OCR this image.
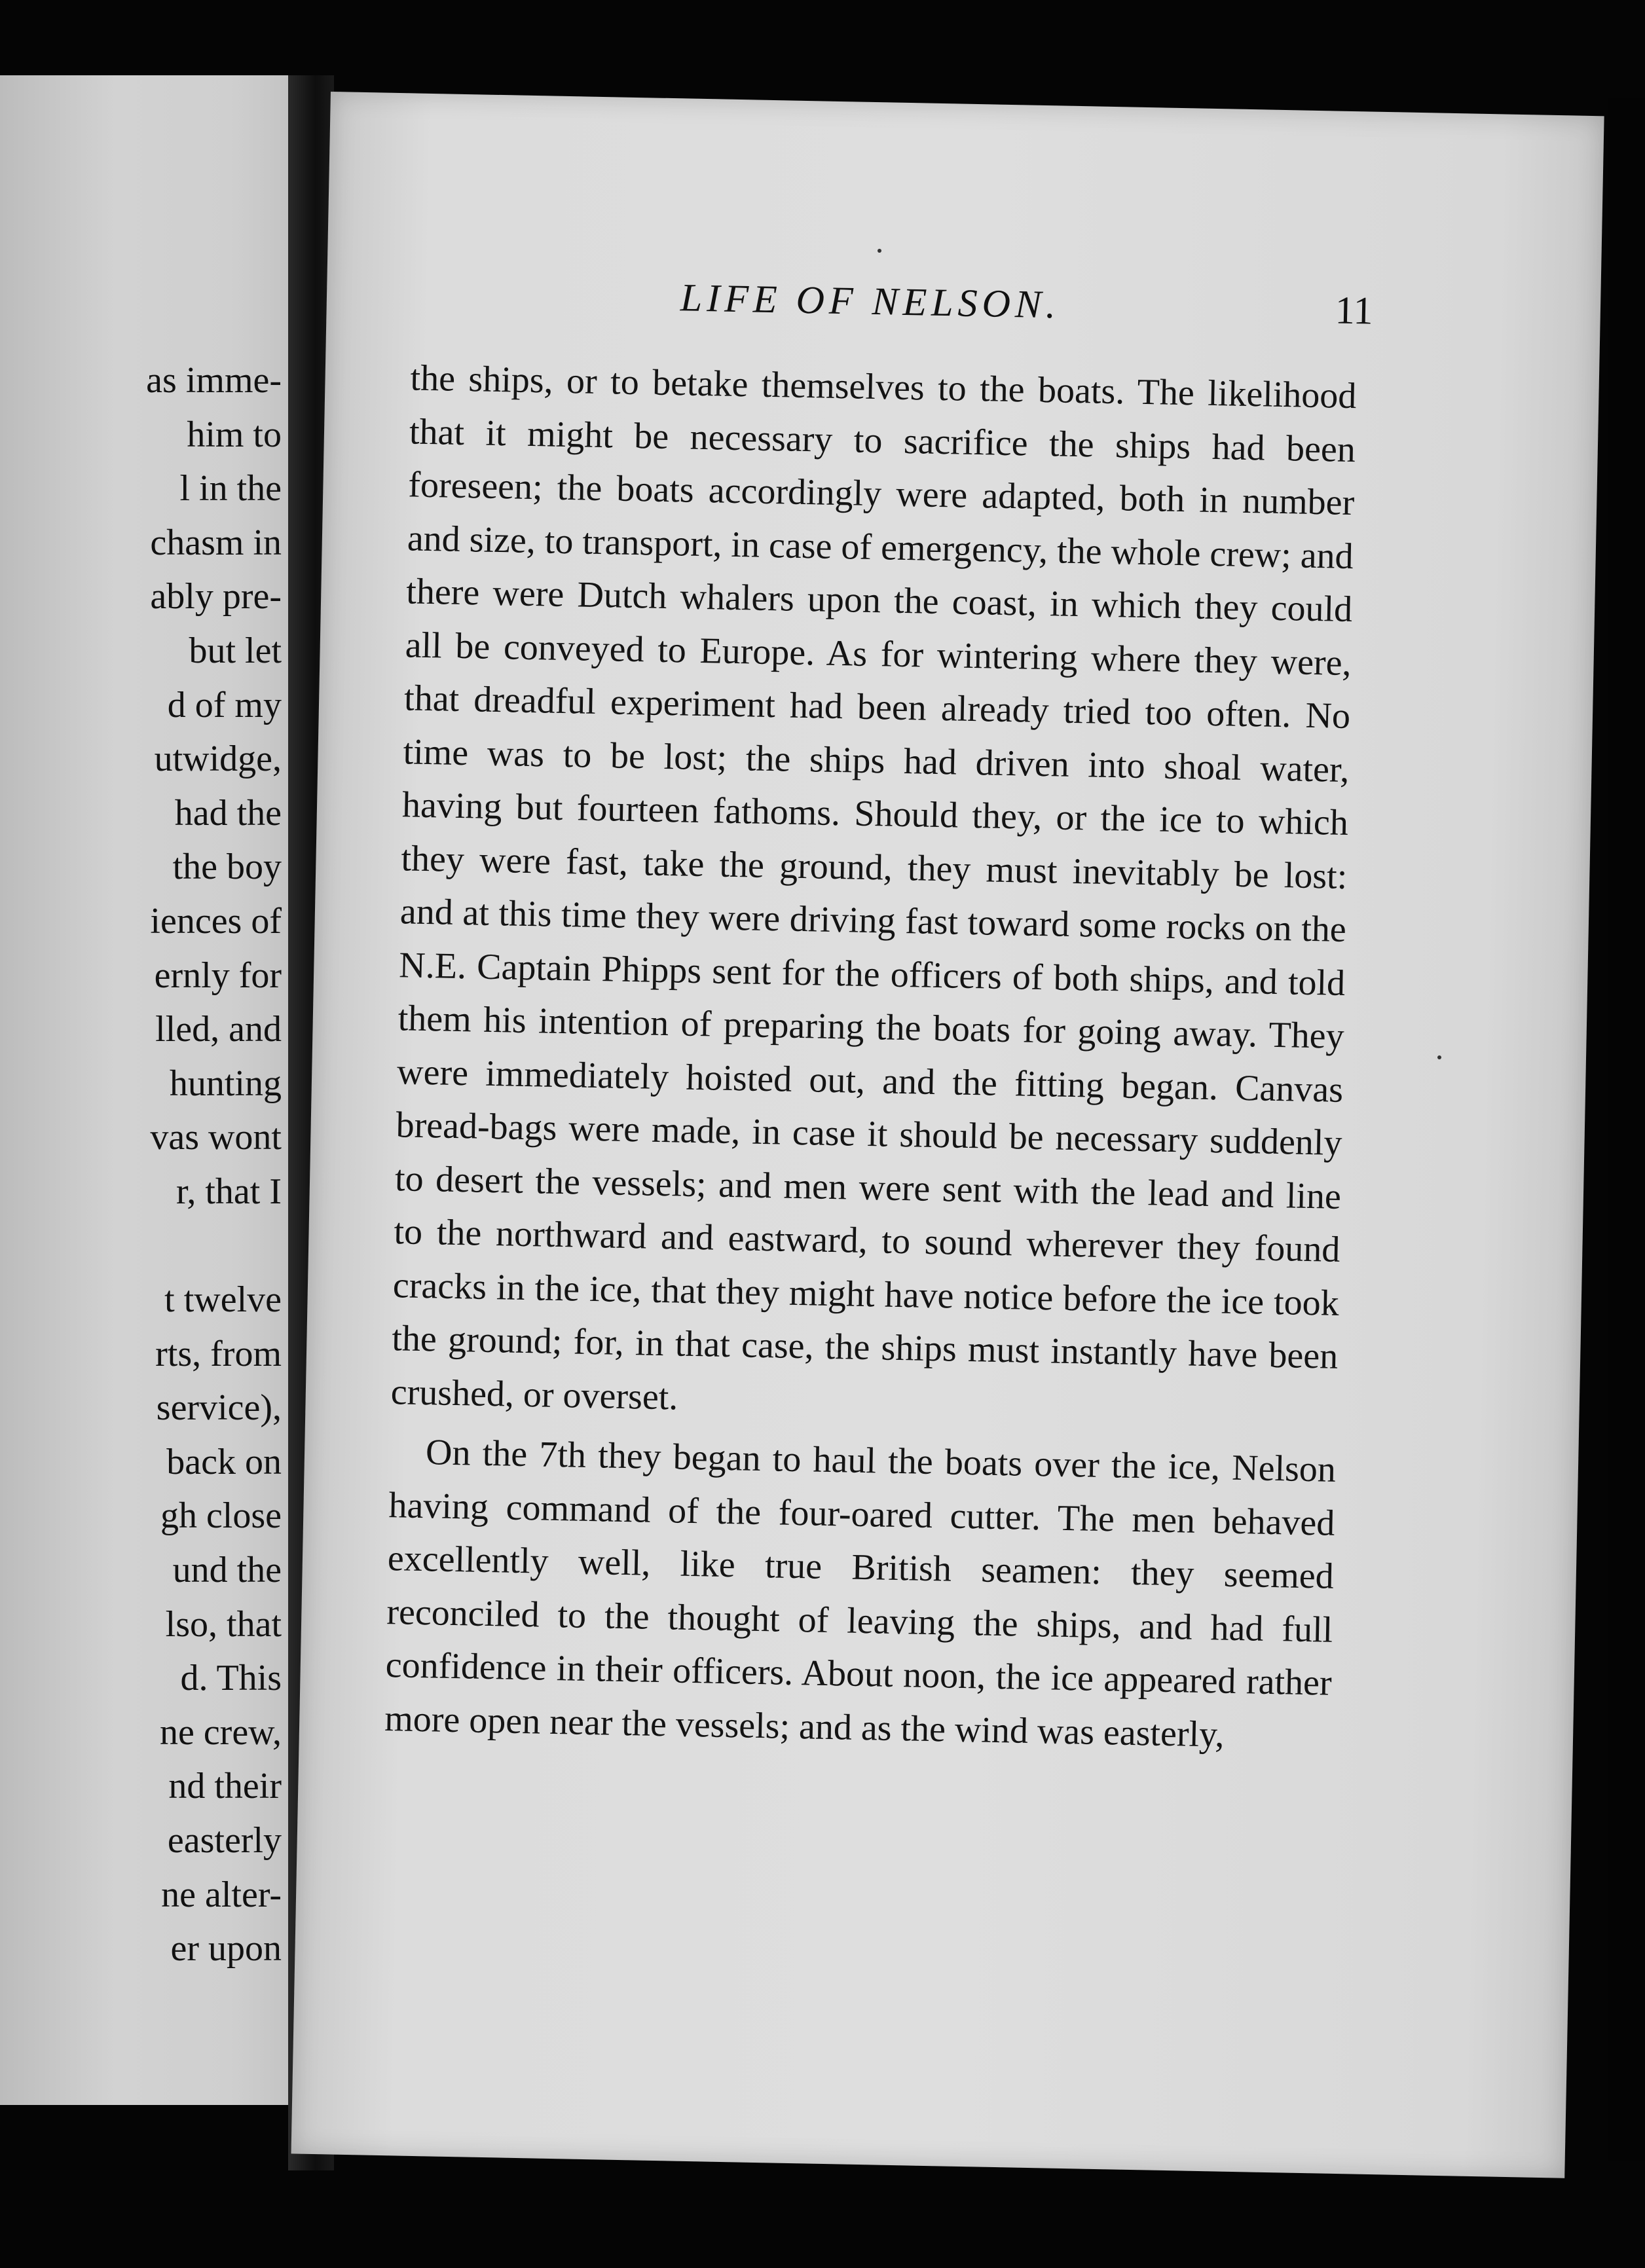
as imme-
him to
l in the
chasm in
ably pre-
but let
d of my
utwidge,
had the
the boy
iences of
ernly for
lled, and
hunting
vas wont
r, that I

t twelve
rts, from
service),
back on
gh close
und the
lso, that
d. This
ne crew,
nd their
easterly
ne alter-
er upon
LIFE OF NELSON.	11

the ships, or to betake themselves to the boats. The likelihood that it might be necessary to sacrifice the ships had been foreseen; the boats accordingly were adapted, both in number and size, to transport, in case of emergency, the whole crew; and there were Dutch whalers upon the coast, in which they could all be conveyed to Europe. As for wintering where they were, that dreadful experiment had been already tried too often. No time was to be lost; the ships had driven into shoal water, having but fourteen fathoms. Should they, or the ice to which they were fast, take the ground, they must inevitably be lost: and at this time they were driving fast toward some rocks on the N.E. Captain Phipps sent for the officers of both ships, and told them his intention of preparing the boats for going away. They were immediately hoisted out, and the fitting began. Canvas bread-bags were made, in case it should be necessary suddenly to desert the vessels; and men were sent with the lead and line to the northward and eastward, to sound wherever they found cracks in the ice, that they might have notice before the ice took the ground; for, in that case, the ships must instantly have been crushed, or overset.

On the 7th they began to haul the boats over the ice, Nelson having command of the four-oared cutter. The men behaved excellently well, like true British seamen: they seemed reconciled to the thought of leaving the ships, and had full confidence in their officers. About noon, the ice appeared rather more open near the vessels; and as the wind was easterly,
